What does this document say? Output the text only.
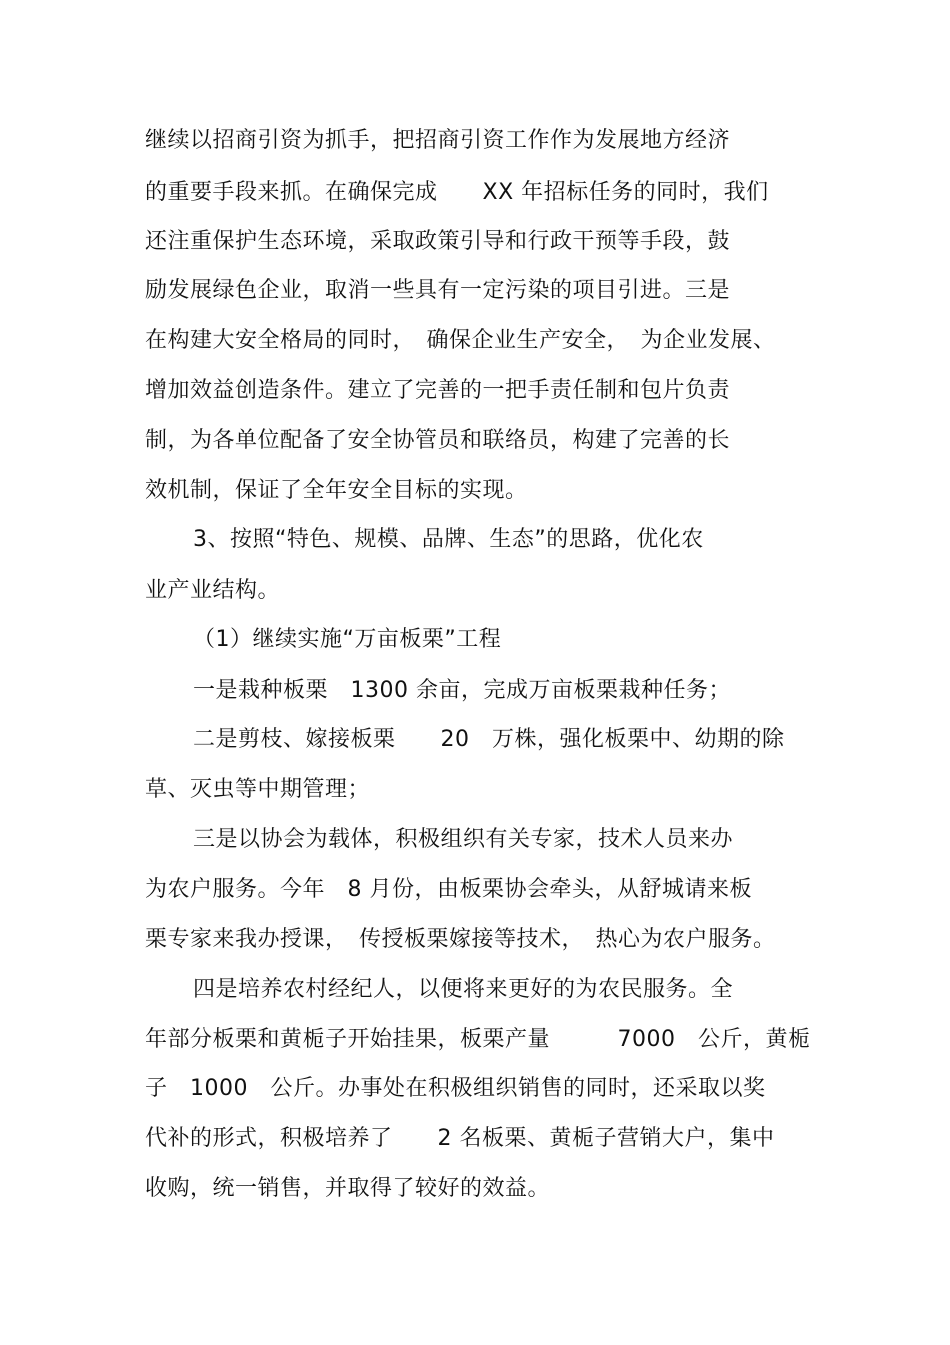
继续以招商引资为抓手，把招商引资工作作为发展地方经济
的重要手段来抓。在确保完成　　XX 年招标任务的同时，我们
还注重保护生态环境，采取政策引导和行政干预等手段，鼓
励发展绿色企业，取消一些具有一定污染的项目引进。三是
在构建大安全格局的同时，　确保企业生产安全，　为企业发展、
增加效益创造条件。建立了完善的一把手责任制和包片负责
制，为各单位配备了安全协管员和联络员，构建了完善的长
效机制，保证了全年安全目标的实现。
3、按照“特色、规模、品牌、生态”的思路，优化农
业产业结构。
（1）继续实施“万亩板栗”工程
一是栽种板栗　1300 余亩，完成万亩板栗栽种任务；
二是剪枝、嫁接板栗　　20　万株，强化板栗中、幼期的除
草、灭虫等中期管理；
三是以协会为载体，积极组织有关专家，技术人员来办
为农户服务。今年　8 月份，由板栗协会牵头，从舒城请来板
栗专家来我办授课，　传授板栗嫁接等技术，　热心为农户服务。
四是培养农村经纪人，以便将来更好的为农民服务。全
年部分板栗和黄栀子开始挂果，板栗产量　　　7000　公斤，黄栀
子　1000　公斤。办事处在积极组织销售的同时，还采取以奖
代补的形式，积极培养了　　2 名板栗、黄栀子营销大户，集中
收购，统一销售，并取得了较好的效益。
